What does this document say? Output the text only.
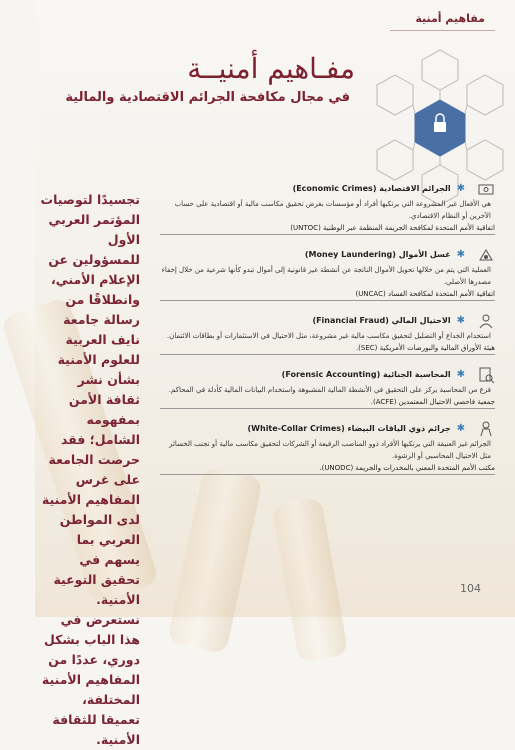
مفاهيم أمنية
مفـاهيم أمنيــة
في مجال مكافحة الجرائم الاقتصادية والمالية
تجسيدًا لتوصيات المؤتمر العربي الأول للمسؤولين عن الإعلام الأمني، وانطلاقًا من رسالة جامعة نايف العربية للعلوم الأمنية بشأن نشر ثقافة الأمن بمفهومه الشامل؛ فقد حرصت الجامعة على غرس المفاهيم الأمنية لدى المواطن العربي بما يسهم في تحقيق التوعية الأمنية. نستعرض في هذا الباب بشكل دوري، عددًا من المفاهيم الأمنية المختلفة، تعميقا للثقافة الأمنية.
✱
الجرائم الاقتصادية (Economic Crimes)
هي الأفعال غير المشروعة التي يرتكبها أفراد أو مؤسسات بغرض تحقيق مكاسب مالية أو اقتصادية على حساب الآخرين أو النظام الاقتصادي.
اتفاقية الأمم المتحدة لمكافحة الجريمة المنظمة عبر الوطنية (UNTOC)
✱
غسل الأموال (Money Laundering)
العملية التي يتم من خلالها تحويل الأموال الناتجة عن أنشطة غير قانونية إلى أموال تبدو كأنها شرعية من خلال إخفاء مصدرها الأصلي.
اتفاقية الأمم المتحدة لمكافحة الفساد (UNCAC)
✱
الاحتيال المالي (Financial Fraud)
استخدام الخداع أو التضليل لتحقيق مكاسب مالية غير مشروعة، مثل الاحتيال في الاستثمارات أو بطاقات الائتمان.
هيئة الأوراق المالية والبورصات الأمريكية (SEC).
✱
المحاسبة الجنائية (Forensic Accounting)
فرع من المحاسبة يركز على التحقيق في الأنشطة المالية المشبوهة واستخدام البيانات المالية كأدلة في المحاكم.
جمعية فاحصي الاحتيال المعتمدين (ACFE).
✱
جرائم ذوي الياقات البيضاء (White-Collar Crimes)
الجرائم غير العنيفة التي يرتكبها الأفراد ذوو المناصب الرفيعة أو الشركات لتحقيق مكاسب مالية أو تجنب الخسائر مثل الاحتيال المحاسبي أو الرشوة.
مكتب الأمم المتحدة المعني بالمخدرات والجريمة (UNODC).
104
